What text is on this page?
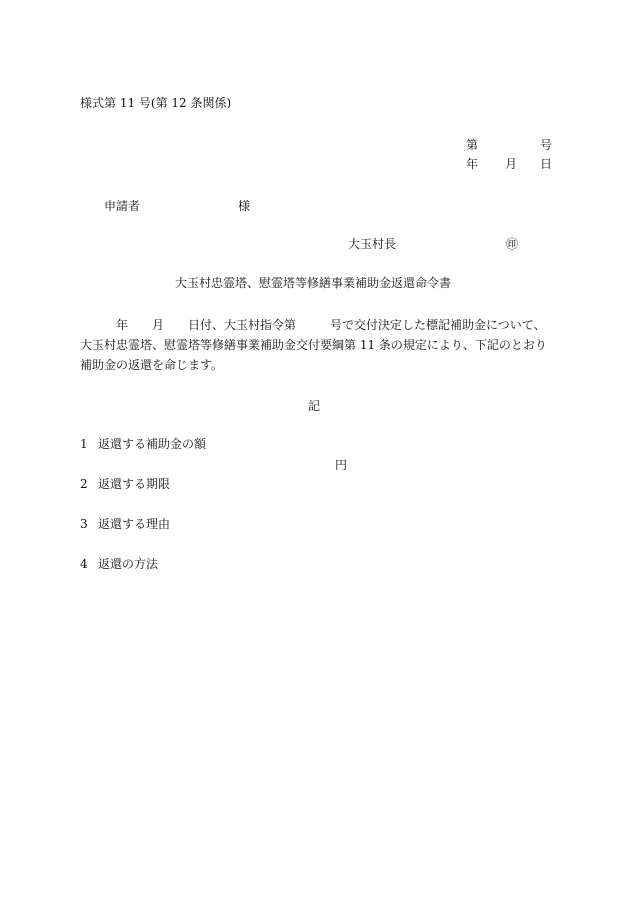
様式第 11 号(第 12 条関係)
第	号
年 月 日
申請者	様
大玉村長	㊞
大玉村忠霊塔、慰霊塔等修繕事業補助金返還命令書
年 月 日付、大玉村指令第	号で交付決定した標記補助金について、
大玉村忠霊塔、慰霊塔等修繕事業補助金交付要綱第 11 条の規定により、下記のとおり
補助金の返還を命じます。
記
1 返還する補助金の額
円
2 返還する期限
3 返還する理由
4 返還の方法
